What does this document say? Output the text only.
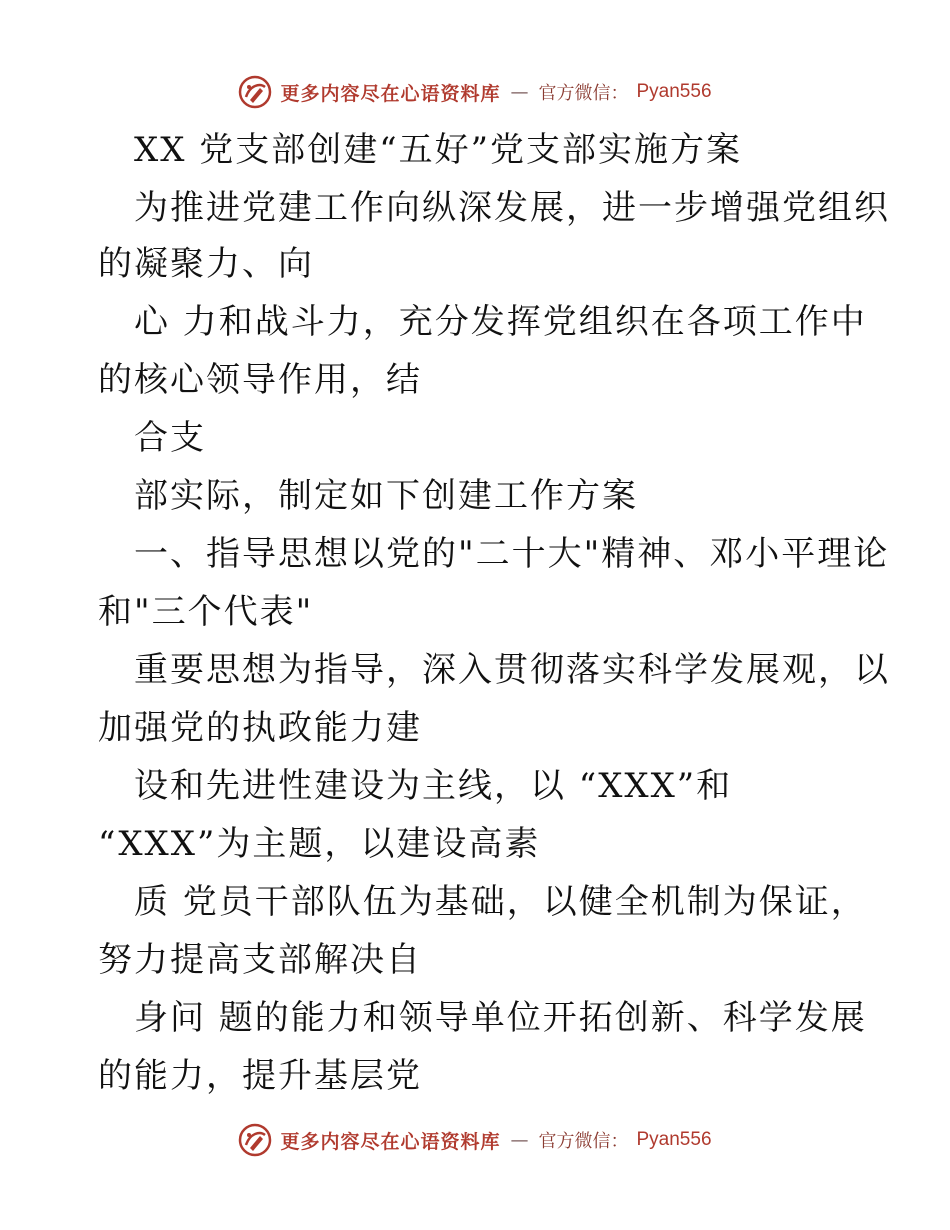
更多内容尽在心语资料库 — 官方微信： Pyan556
XX 党支部创建“五好”党支部实施方案
为推进党建工作向纵深发展，进一步增强党组织
的凝聚力、向
心 力和战斗力，充分发挥党组织在各项工作中
的核心领导作用，结
合支
部实际，制定如下创建工作方案
一、指导思想以党的"二十大"精神、邓小平理论
和"三个代表"
重要思想为指导，深入贯彻落实科学发展观，以
加强党的执政能力建
设和先进性建设为主线，以 “XXX”和
“XXX”为主题，以建设高素
质 党员干部队伍为基础，以健全机制为保证，
努力提高支部解决自
身问 题的能力和领导单位开拓创新、科学发展
的能力，提升基层党
更多内容尽在心语资料库 — 官方微信： Pyan556
